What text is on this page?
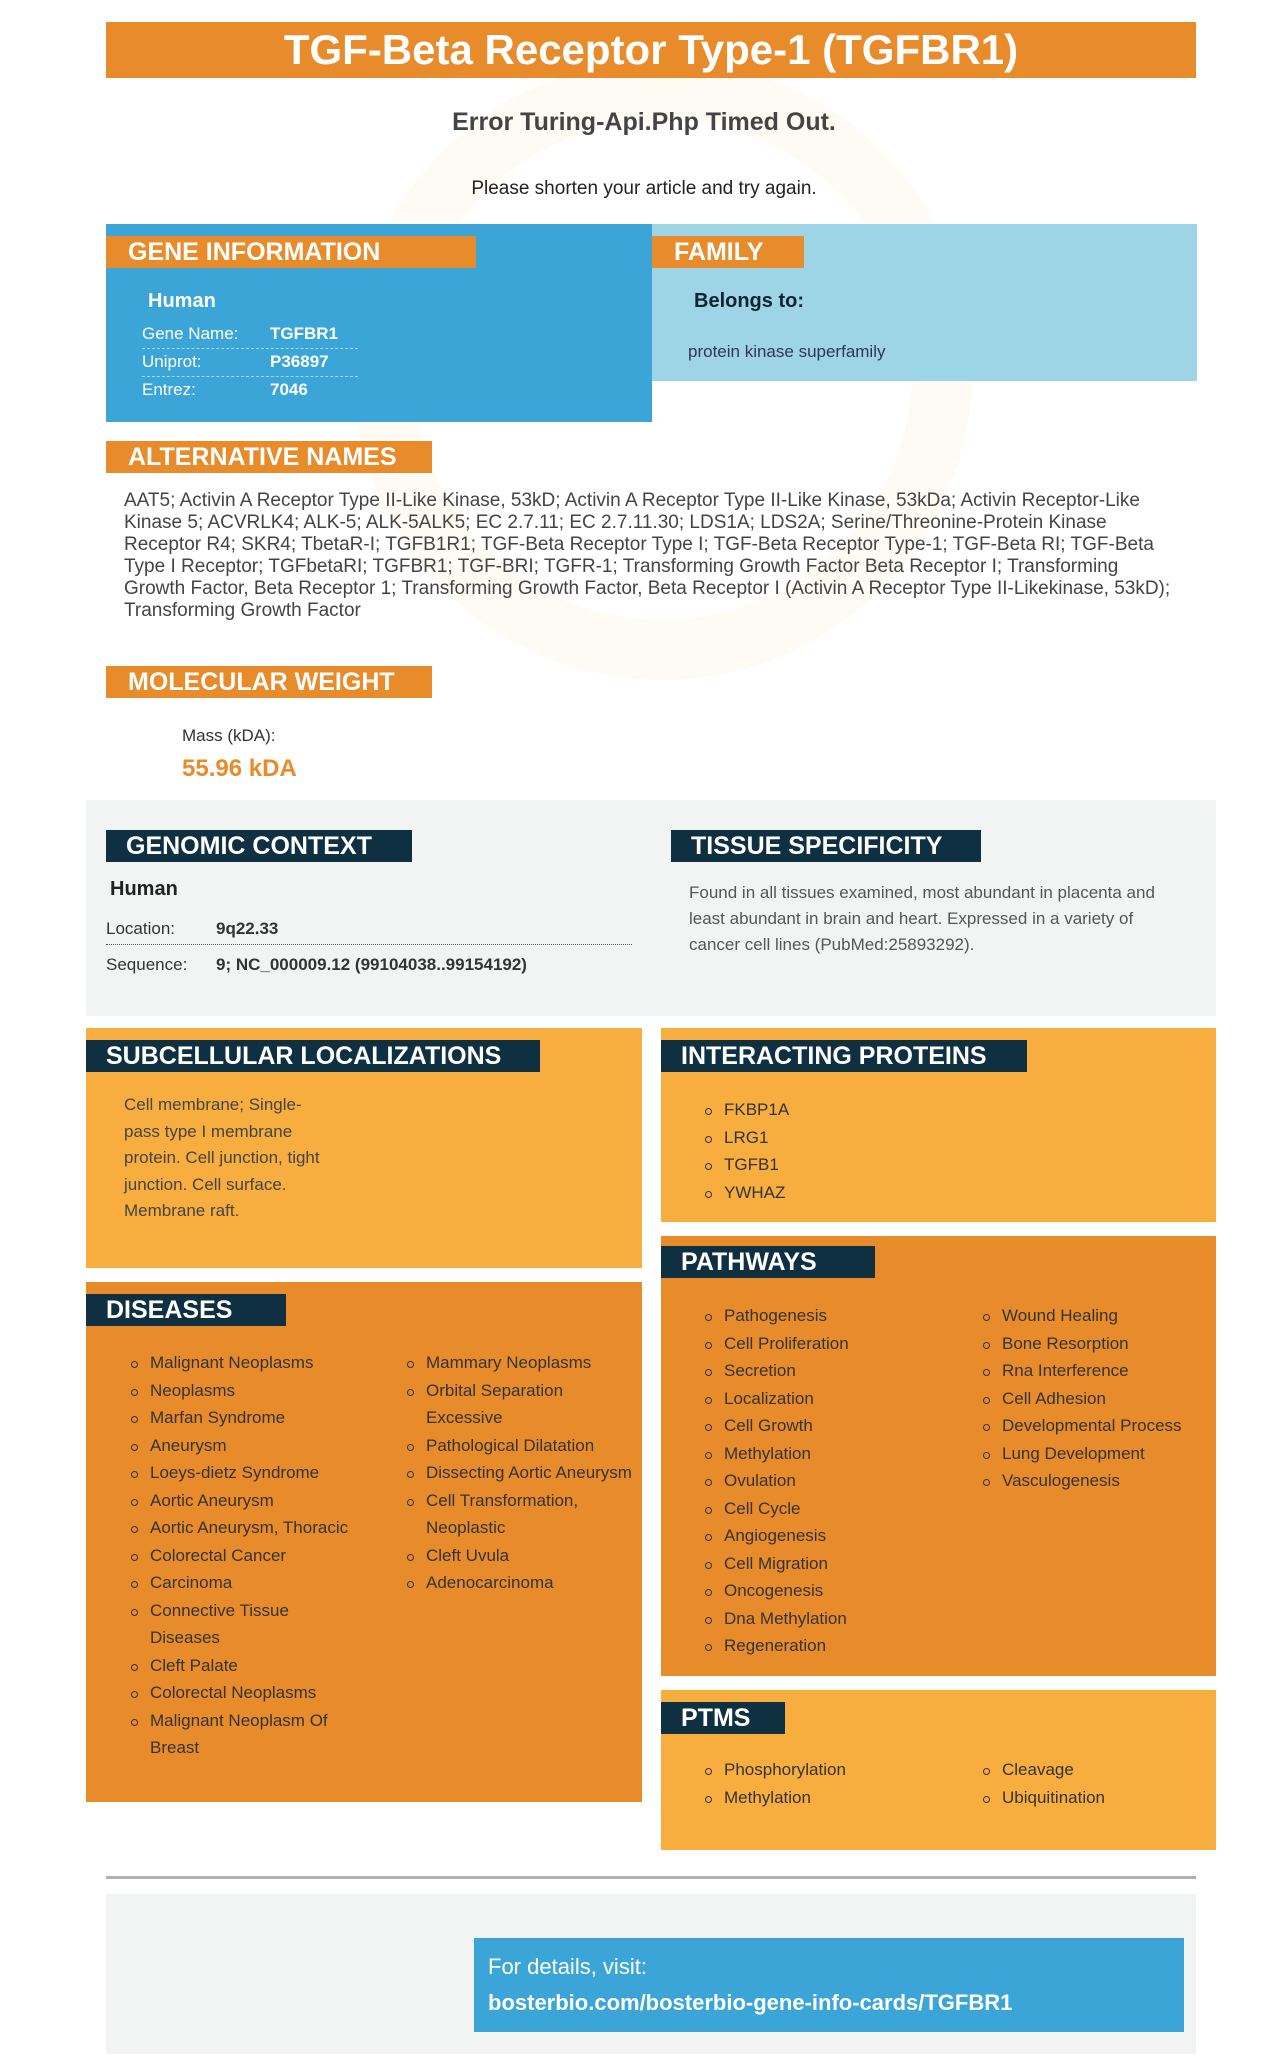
TGF-Beta Receptor Type-1 (TGFBR1)
Error Turing-Api.Php Timed Out.
Please shorten your article and try again.
GENE INFORMATION
Human
Gene Name: TGFBR1
Uniprot:	P36897
Entrez:	7046
FAMILY
Belongs to:
protein kinase superfamily
ALTERNATIVE NAMES
AAT5; Activin A Receptor Type II-Like Kinase, 53kD; Activin A Receptor Type II-Like Kinase, 53kDa; Activin Receptor-Like Kinase 5; ACVRLK4; ALK-5; ALK-5ALK5; EC 2.7.11; EC 2.7.11.30; LDS1A; LDS2A; Serine/Threonine-Protein Kinase Receptor R4; SKR4; TbetaR-I; TGFB1R1; TGF-Beta Receptor Type I; TGF-Beta Receptor Type-1; TGF-Beta RI; TGF-Beta Type I Receptor; TGFbetaRI; TGFBR1; TGF-BRI; TGFR-1; Transforming Growth Factor Beta Receptor I; Transforming Growth Factor, Beta Receptor 1; Transforming Growth Factor, Beta Receptor I (Activin A Receptor Type II-Likekinase, 53kD); Transforming Growth Factor
MOLECULAR WEIGHT
Mass (kDA):
55.96 kDA
GENOMIC CONTEXT
Human
Location: 9q22.33
Sequence: 9; NC_000009.12 (99104038..99154192)
TISSUE SPECIFICITY
Found in all tissues examined, most abundant in placenta and least abundant in brain and heart. Expressed in a variety of cancer cell lines (PubMed:25893292).
SUBCELLULAR LOCALIZATIONS
Cell membrane; Single-pass type I membrane protein. Cell junction, tight junction. Cell surface. Membrane raft.
INTERACTING PROTEINS
FKBP1A
LRG1
TGFB1
YWHAZ
DISEASES
Malignant Neoplasms
Neoplasms
Marfan Syndrome
Aneurysm
Loeys-dietz Syndrome
Aortic Aneurysm
Aortic Aneurysm, Thoracic
Colorectal Cancer
Carcinoma
Connective Tissue Diseases
Cleft Palate
Colorectal Neoplasms
Malignant Neoplasm Of Breast
Mammary Neoplasms
Orbital Separation Excessive
Pathological Dilatation
Dissecting Aortic Aneurysm
Cell Transformation, Neoplastic
Cleft Uvula
Adenocarcinoma
PATHWAYS
Pathogenesis
Cell Proliferation
Secretion
Localization
Cell Growth
Methylation
Ovulation
Cell Cycle
Angiogenesis
Cell Migration
Oncogenesis
Dna Methylation
Regeneration
Wound Healing
Bone Resorption
Rna Interference
Cell Adhesion
Developmental Process
Lung Development
Vasculogenesis
PTMS
Phosphorylation
Methylation
Cleavage
Ubiquitination
For details, visit:
bosterbio.com/bosterbio-gene-info-cards/TGFBR1
